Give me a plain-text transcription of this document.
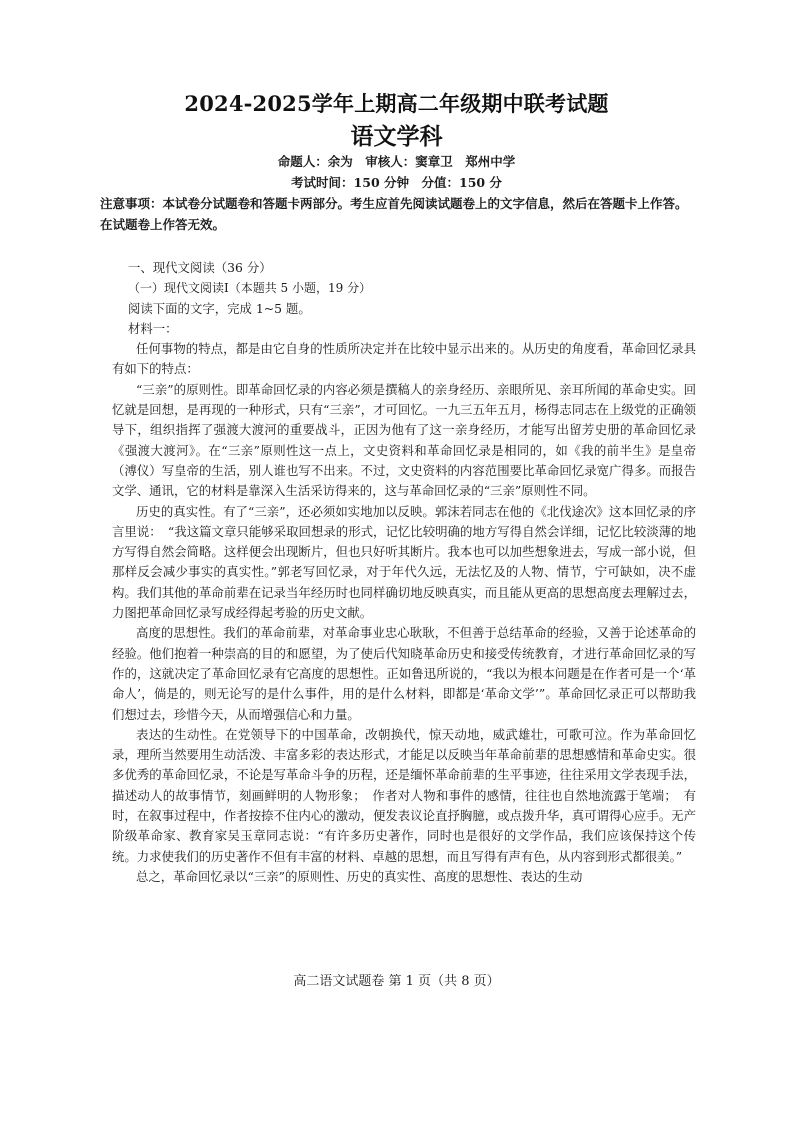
2024-2025学年上期高二年级期中联考试题
语文学科
命题人：余为　审核人：窦章卫　郑州中学
考试时间：150 分钟　分值：150 分
注意事项：本试卷分试题卷和答题卡两部分。考生应首先阅读试题卷上的文字信息，然后在答题卡上作答。在试题卷上作答无效。

一、现代文阅读（36 分）

（一）现代文阅读Ⅰ（本题共 5 小题，19 分）

阅读下面的文字，完成 1~5 题。

材料一：

任何事物的特点，都是由它自身的性质所决定并在比较中显示出来的。从历史的角度看，革命回忆录具有如下的特点：

“三亲”的原则性。即革命回忆录的内容必须是撰稿人的亲身经历、亲眼所见、亲耳所闻的革命史实。回忆就是回想，是再现的一种形式，只有“三亲”，才可回忆。一九三五年五月，杨得志同志在上级党的正确领导下，组织指挥了强渡大渡河的重要战斗，正因为他有了这一亲身经历，才能写出留芳史册的革命回忆录《强渡大渡河》。在“三亲”原则性这一点上，文史资料和革命回忆录是相同的，如《我的前半生》是皇帝（溥仪）写皇帝的生活，别人谁也写不出来。不过，文史资料的内容范围要比革命回忆录宽广得多。而报告文学、通讯，它的材料是靠深入生活采访得来的，这与革命回忆录的“三亲”原则性不同。

历史的真实性。有了“三亲”，还必须如实地加以反映。郭沫若同志在他的《北伐途次》这本回忆录的序言里说：　“我这篇文章只能够采取回想录的形式，记忆比较明确的地方写得自然会详细，记忆比较淡薄的地方写得自然会简略。这样便会出现断片，但也只好听其断片。我本也可以加些想象进去，写成一部小说，但那样反会减少事实的真实性。”郭老写回忆录，对于年代久远，无法忆及的人物、情节，宁可缺如，决不虚构。我们其他的革命前辈在记录当年经历时也同样确切地反映真实，而且能从更高的思想高度去理解过去，力图把革命回忆录写成经得起考验的历史文献。

高度的思想性。我们的革命前辈，对革命事业忠心耿耿，不但善于总结革命的经验，又善于论述革命的经验。他们抱着一种崇高的目的和愿望，为了使后代知晓革命历史和接受传统教育，才进行革命回忆录的写作的，这就决定了革命回忆录有它高度的思想性。正如鲁迅所说的，“我以为根本问题是在作者可是一个‘革命人’，倘是的，则无论写的是什么事件，用的是什么材料，即都是‘革命文学’”。革命回忆录正可以帮助我们想过去，珍惜今天，从而增强信心和力量。

表达的生动性。在党领导下的中国革命，改朝换代，惊天动地，威武雄壮，可歌可泣。作为革命回忆录，理所当然要用生动活泼、丰富多彩的表达形式，才能足以反映当年革命前辈的思想感情和革命史实。很多优秀的革命回忆录，不论是写革命斗争的历程，还是缅怀革命前辈的生平事迹，往往采用文学表现手法，描述动人的故事情节，刻画鲜明的人物形象；　作者对人物和事件的感情，往往也自然地流露于笔端；　有时，在叙事过程中，作者按捺不住内心的激动，便发表议论直抒胸臆，或点拨升华，真可谓得心应手。无产阶级革命家、教育家吴玉章同志说：“有许多历史著作，同时也是很好的文学作品，我们应该保持这个传统。力求使我们的历史著作不但有丰富的材料、卓越的思想，而且写得有声有色，从内容到形式都很美。”

总之，革命回忆录以“三亲”的原则性、历史的真实性、高度的思想性、表达的生动

高二语文试题卷 第 1 页（共 8 页）
